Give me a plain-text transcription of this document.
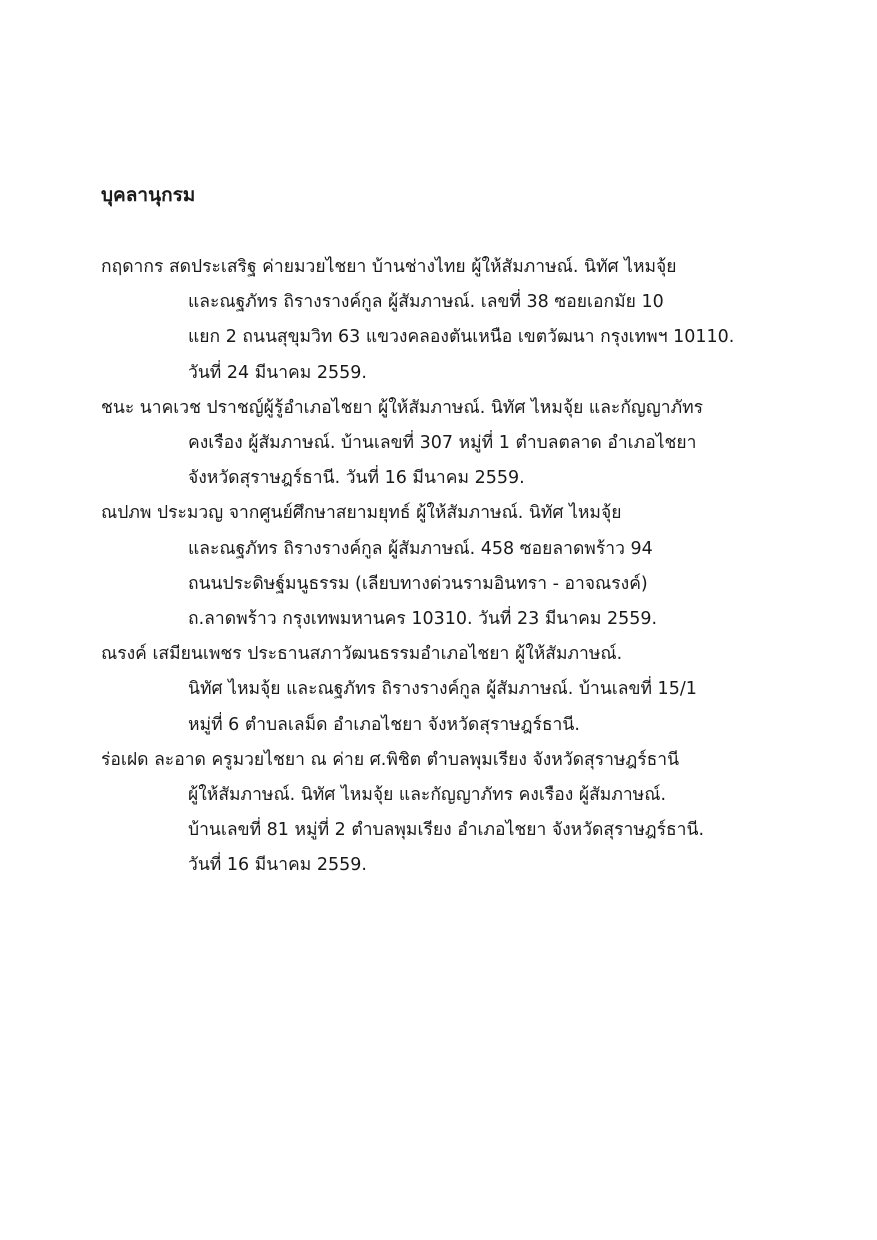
บุคลานุกรม
กฤดากร สดประเสริฐ ค่ายมวยไชยา บ้านช่างไทย ผู้ให้สัมภาษณ์. นิทัศ ไหมจุ้ย
และณฐภัทร ถิรางรางค์กูล ผู้สัมภาษณ์. เลขที่ 38 ซอยเอกมัย 10
แยก 2 ถนนสุขุมวิท 63 แขวงคลองตันเหนือ เขตวัฒนา กรุงเทพฯ 10110.
วันที่ 24 มีนาคม 2559.
ชนะ นาคเวช ปราชญ์ผู้รู้อำเภอไชยา ผู้ให้สัมภาษณ์. นิทัศ ไหมจุ้ย และกัญญาภัทร
คงเรือง ผู้สัมภาษณ์. บ้านเลขที่ 307 หมู่ที่ 1 ตำบลตลาด อำเภอไชยา
จังหวัดสุราษฎร์ธานี. วันที่ 16 มีนาคม 2559.
ณปภพ ประมวญ จากศูนย์ศึกษาสยามยุทธ์ ผู้ให้สัมภาษณ์. นิทัศ ไหมจุ้ย
และณฐภัทร ถิรางรางค์กูล ผู้สัมภาษณ์. 458 ซอยลาดพร้าว 94
ถนนประดิษฐ์มนูธรรม (เลียบทางด่วนรามอินทรา - อาจณรงค์)
ถ.ลาดพร้าว กรุงเทพมหานคร 10310. วันที่ 23 มีนาคม 2559.
ณรงค์ เสมียนเพชร ประธานสภาวัฒนธรรมอำเภอไชยา ผู้ให้สัมภาษณ์.
นิทัศ ไหมจุ้ย และณฐภัทร ถิรางรางค์กูล ผู้สัมภาษณ์. บ้านเลขที่ 15/1
หมู่ที่ 6 ตำบลเลม็ด อำเภอไชยา จังหวัดสุราษฎร์ธานี.
ร่อเฝด ละอาด ครูมวยไชยา ณ ค่าย ศ.พิชิต ตำบลพุมเรียง จังหวัดสุราษฎร์ธานี
ผู้ให้สัมภาษณ์. นิทัศ ไหมจุ้ย และกัญญาภัทร คงเรือง ผู้สัมภาษณ์.
บ้านเลขที่ 81 หมู่ที่ 2 ตำบลพุมเรียง อำเภอไชยา จังหวัดสุราษฎร์ธานี.
วันที่ 16 มีนาคม 2559.
